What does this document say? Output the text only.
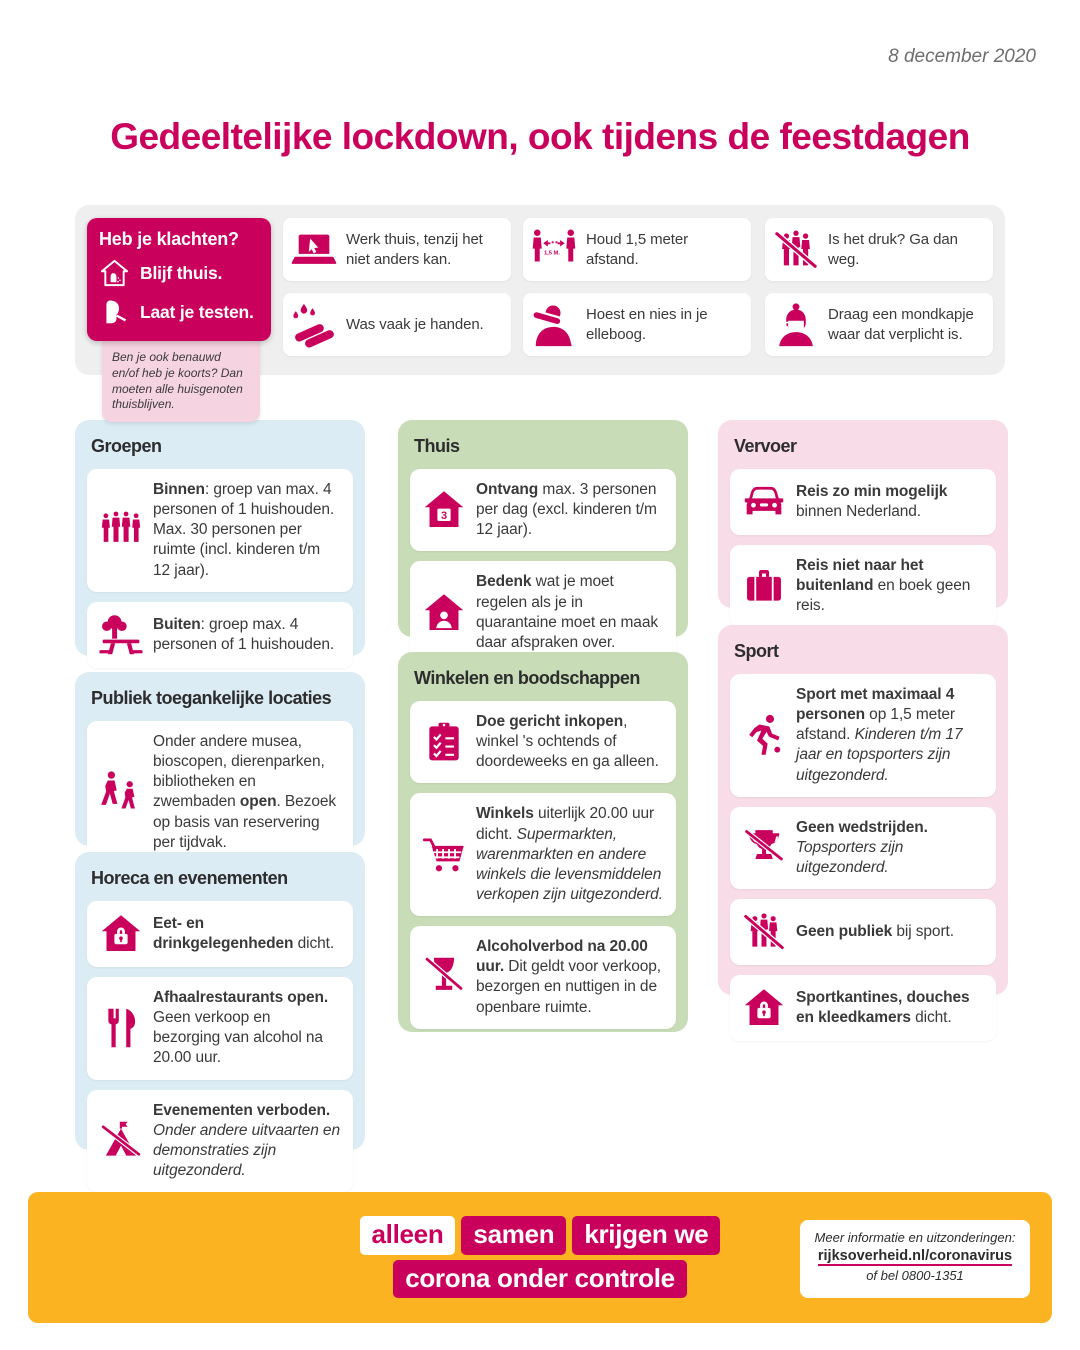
8 december 2020
Gedeeltelijke lockdown, ook tijdens de feestdagen
Werk thuis, tenzij het niet anders kan.	1,5 M.
Houd 1,5 meter afstand.
Is het druk? Ga dan weg.
Was vaak je handen.
Hoest en nies in je elleboog.
Draag een mondkapje waar dat verplicht is.
Heb je klachten?
Blijf thuis.
Laat je testen.
Ben je ook benauwd en/of heb je koorts? Dan moeten alle huisgenoten thuisblijven.
Groepen

Binnen: groep van max. 4 personen of 1 huishouden. Max. 30 personen per ruimte (incl. kinderen t/m 12 jaar).

Buiten: groep max. 4 personen of 1 huishouden.

Publiek toegankelijke locaties

Onder andere musea, bioscopen, dierenparken, bibliotheken en zwembaden open. Bezoek op basis van reservering per tijdvak.

Horeca en evenementen

Eet- en drinkgelegenheden dicht.

Afhaalrestaurants open.
Geen verkoop en bezorging van alcohol na 20.00 uur.

Evenementen verboden.
Onder andere uitvaarten en demonstraties zijn uitgezonderd.

Thuis
3

Ontvang max. 3 personen per dag (excl. kinderen t/m 12 jaar).

Bedenk wat je moet regelen als je in quarantaine moet en maak daar afspraken over.

Winkelen en boodschappen

Doe gericht inkopen, winkel 's ochtends of doordeweeks en ga alleen.

Winkels uiterlijk 20.00 uur dicht. Supermarkten, warenmarkten en andere winkels die levensmiddelen verkopen zijn uitgezonderd.

Alcoholverbod na 20.00 uur. Dit geldt voor verkoop, bezorgen en nuttigen in de openbare ruimte.

Vervoer

Reis zo min mogelijk binnen Nederland.

Reis niet naar het buitenland en boek geen reis.

Sport

Sport met maximaal 4 personen op 1,5 meter afstand. Kinderen t/m 17 jaar en topsporters zijn uitgezonderd.

Geen wedstrijden.
Topsporters zijn uitgezonderd.

Geen publiek bij sport.

Sportkantines, douches en kleedkamers dicht.

alleen	samen	krijgen we
corona onder controle
Meer informatie en uitzonderingen:
rijksoverheid.nl/coronavirus
of bel 0800-1351
